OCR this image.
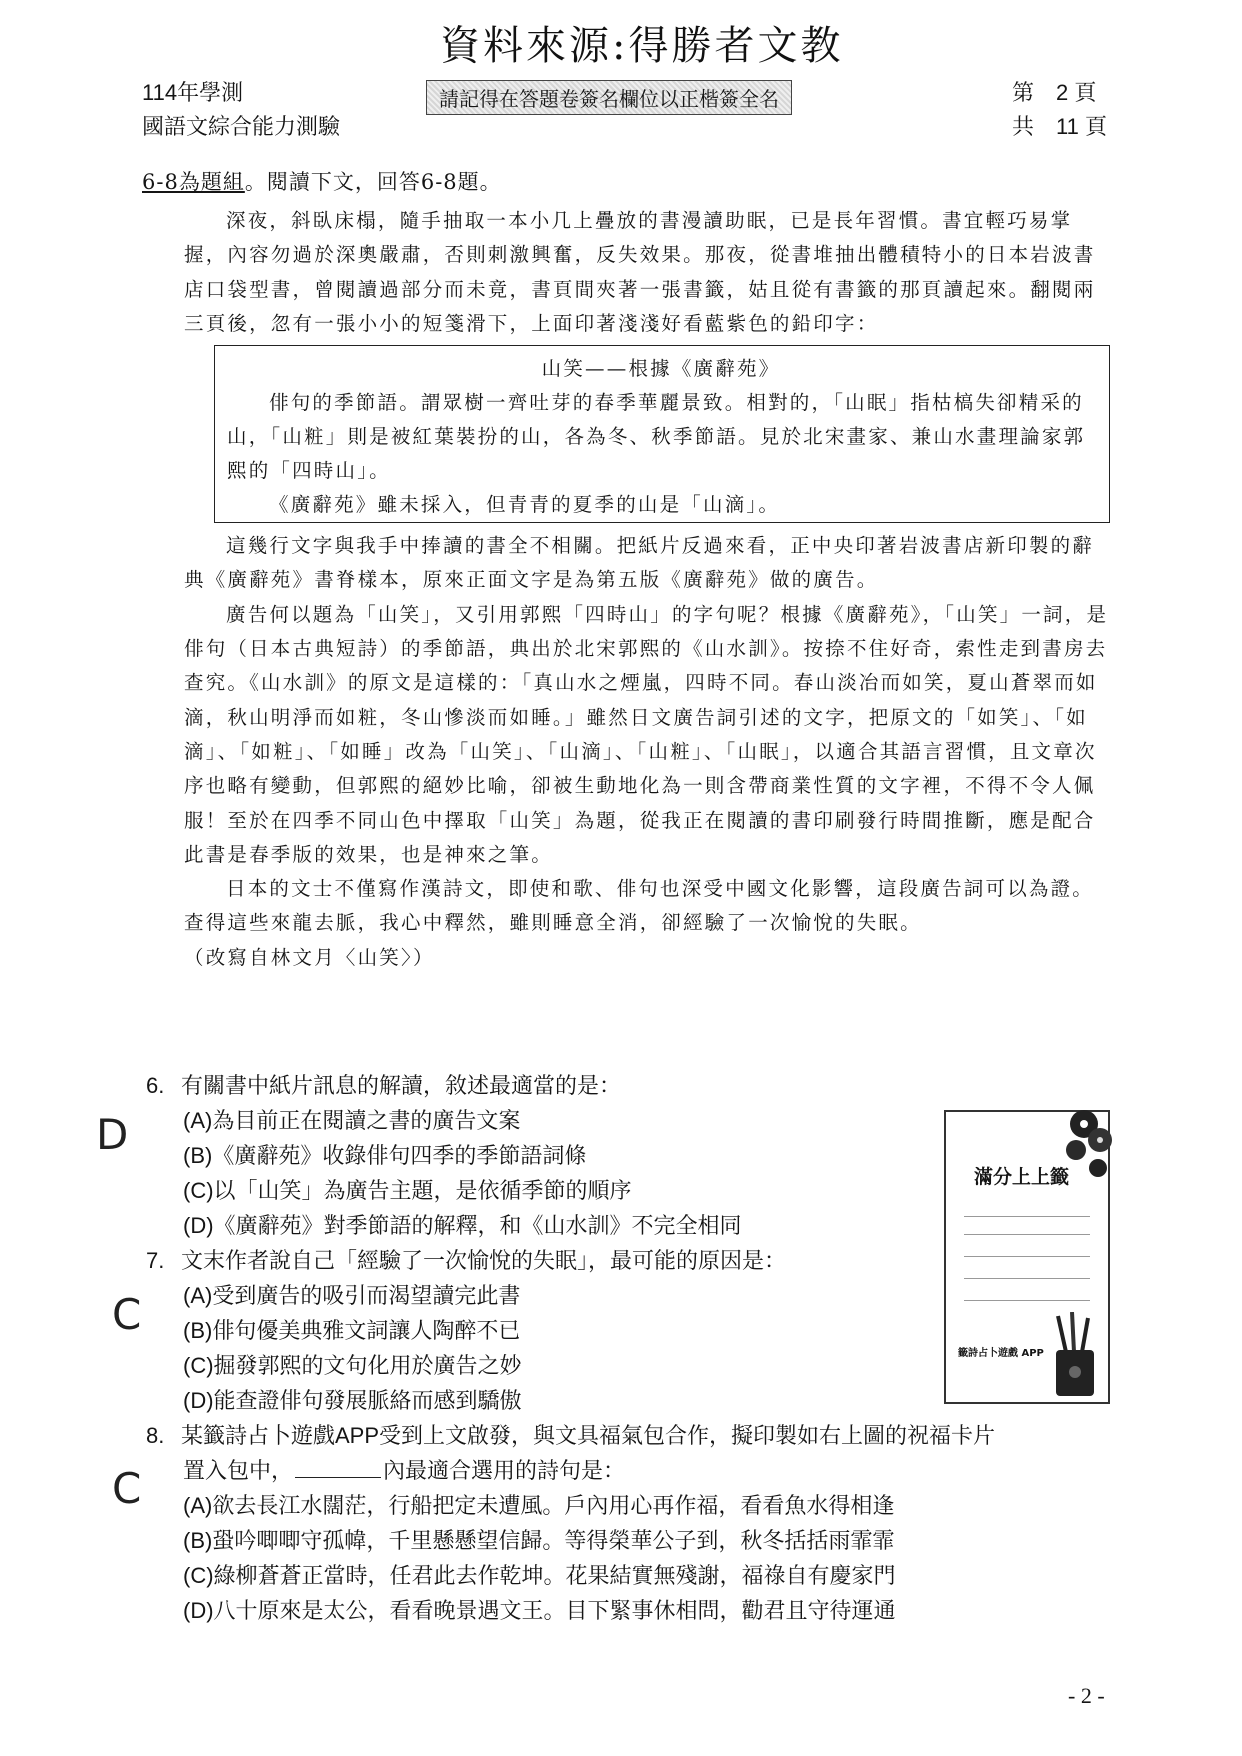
資料來源:得勝者文教
114年學測
國語文綜合能力測驗
請記得在答題卷簽名欄位以正楷簽全名	第　2 頁
共　11 頁
6-8為題組。閱讀下文，回答6-8題。

深夜，斜臥床榻，隨手抽取一本小几上疊放的書漫讀助眠，已是長年習慣。書宜輕巧易掌握，內容勿過於深奧嚴肅，否則刺激興奮，反失效果。那夜，從書堆抽出體積特小的日本岩波書店口袋型書，曾閱讀過部分而未竟，書頁間夾著一張書籤，姑且從有書籤的那頁讀起來。翻閱兩三頁後，忽有一張小小的短箋滑下，上面印著淺淺好看藍紫色的鉛印字：

山笑——根據《廣辭苑》

俳句的季節語。謂眾樹一齊吐芽的春季華麗景致。相對的，「山眠」指枯槁失卻精采的山，「山粧」則是被紅葉裝扮的山，各為冬、秋季節語。見於北宋畫家、兼山水畫理論家郭熙的「四時山」。

《廣辭苑》雖未採入，但青青的夏季的山是「山滴」。

這幾行文字與我手中捧讀的書全不相關。把紙片反過來看，正中央印著岩波書店新印製的辭典《廣辭苑》書脊樣本，原來正面文字是為第五版《廣辭苑》做的廣告。

廣告何以題為「山笑」，又引用郭熙「四時山」的字句呢？根據《廣辭苑》，「山笑」一詞，是俳句（日本古典短詩）的季節語，典出於北宋郭熙的《山水訓》。按捺不住好奇，索性走到書房去查究。《山水訓》的原文是這樣的：「真山水之煙嵐，四時不同。春山淡冶而如笑，夏山蒼翠而如滴，秋山明淨而如粧，冬山慘淡而如睡。」雖然日文廣告詞引述的文字，把原文的「如笑」、「如滴」、「如粧」、「如睡」改為「山笑」、「山滴」、「山粧」、「山眠」，以適合其語言習慣，且文章次序也略有變動，但郭熙的絕妙比喻，卻被生動地化為一則含帶商業性質的文字裡，不得不令人佩服！至於在四季不同山色中擇取「山笑」為題，從我正在閱讀的書印刷發行時間推斷，應是配合此書是春季版的效果，也是神來之筆。

日本的文士不僅寫作漢詩文，即使和歌、俳句也深受中國文化影響，這段廣告詞可以為證。查得這些來龍去脈，我心中釋然，雖則睡意全消，卻經驗了一次愉悅的失眠。

（改寫自林文月〈山笑〉）
6. 有關書中紙片訊息的解讀，敘述最適當的是：
(A)為目前正在閱讀之書的廣告文案
(B)《廣辭苑》收錄俳句四季的季節語詞條
(C)以「山笑」為廣告主題，是依循季節的順序
(D)《廣辭苑》對季節語的解釋，和《山水訓》不完全相同
7. 文末作者說自己「經驗了一次愉悅的失眠」，最可能的原因是：
(A)受到廣告的吸引而渴望讀完此書
(B)俳句優美典雅文詞讓人陶醉不已
(C)掘發郭熙的文句化用於廣告之妙
(D)能查證俳句發展脈絡而感到驕傲
8. 某籤詩占卜遊戲APP受到上文啟發，與文具福氣包合作，擬印製如右上圖的祝福卡片
置入包中，	內最適合選用的詩句是：
(A)欲去長江水闊茫，行船把定未遭風。戶內用心再作福，看看魚水得相逢
(B)蛩吟唧唧守孤幃，千里懸懸望信歸。等得榮華公子到，秋冬括括雨霏霏
(C)綠柳蒼蒼正當時，任君此去作乾坤。花果結實無殘謝，福祿自有慶家門
(D)八十原來是太公，看看晚景遇文王。目下緊事休相問，勸君且守待運通
D
C
C
滿分上上籤
籤詩占卜遊戲 APP
- 2 -
